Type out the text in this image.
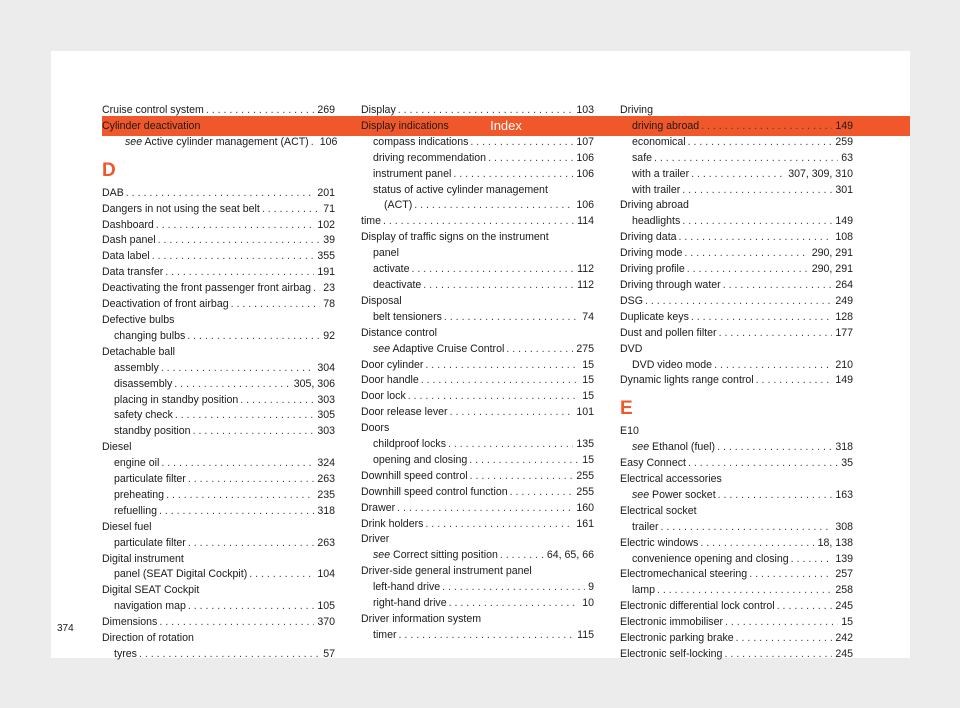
Index
Cruise control system . . .	269
Cylinder deactivation
see Active cylinder management (ACT) . . . 106
D
DAB . . .	201
Dangers in not using the seat belt . . .	71
Dashboard . . .	102
Dash panel . . .	39
Data label . . .	355
Data transfer . . .	191
Deactivating the front passenger front airbag . . . 23
Deactivation of front airbag . . .	78
Defective bulbs
changing bulbs . . .	92
Detachable ball
assembly . . .	304
disassembly . . .	305, 306
placing in standby position . . .	303
safety check . . .	305
standby position . . .	303
Diesel
engine oil . . .	324
particulate filter . . .	263
preheating . . .	235
refuelling . . .	318
Diesel fuel
particulate filter . . .	263
Digital instrument
panel (SEAT Digital Cockpit) . . .	104
Digital SEAT Cockpit
navigation map . . .	105
Dimensions . . .	370
Direction of rotation
tyres . . .	57
Display . . .	103
Display indications
compass indications . . .	107
driving recommendation . . .	106
instrument panel . . .	106
status of active cylinder management
(ACT) . . .	106
time . . .	114
Display of traffic signs on the instrument
panel
activate . . .	112
deactivate . . .	112
Disposal
belt tensioners . . .	74
Distance control
see Adaptive Cruise Control . . .	275
Door cylinder . . .	15
Door handle . . .	15
Door lock . . .	15
Door release lever . . .	101
Doors
childproof locks . . .	135
opening and closing . . .	15
Downhill speed control . . .	255
Downhill speed control function . . .	255
Drawer . . .	160
Drink holders . . .	161
Driver
see Correct sitting position . . .	64, 65, 66
Driver-side general instrument panel
left-hand drive . . .	9
right-hand drive . . .	10
Driver information system
timer . . .	115
Driving
driving abroad . . .	149
economical . . .	259
safe . . .	63
with a trailer . . .	307, 309, 310
with trailer . . .	301
Driving abroad
headlights . . .	149
Driving data . . .	108
Driving mode . . .	290, 291
Driving profile . . .	290, 291
Driving through water . . .	264
DSG . . .	249
Duplicate keys . . .	128
Dust and pollen filter . . .	177
DVD
DVD video mode . . .	210
Dynamic lights range control . . .	149
E
E10
see Ethanol (fuel) . . .	318
Easy Connect . . .	35
Electrical accessories
see Power socket . . .	163
Electrical socket
trailer . . .	308
Electric windows . . .	18, 138
convenience opening and closing . . .	139
Electromechanical steering . . .	257
lamp . . .	258
Electronic differential lock control . . .	245
Electronic immobiliser . . .	15
Electronic parking brake . . .	242
Electronic self-locking . . .	245
374
